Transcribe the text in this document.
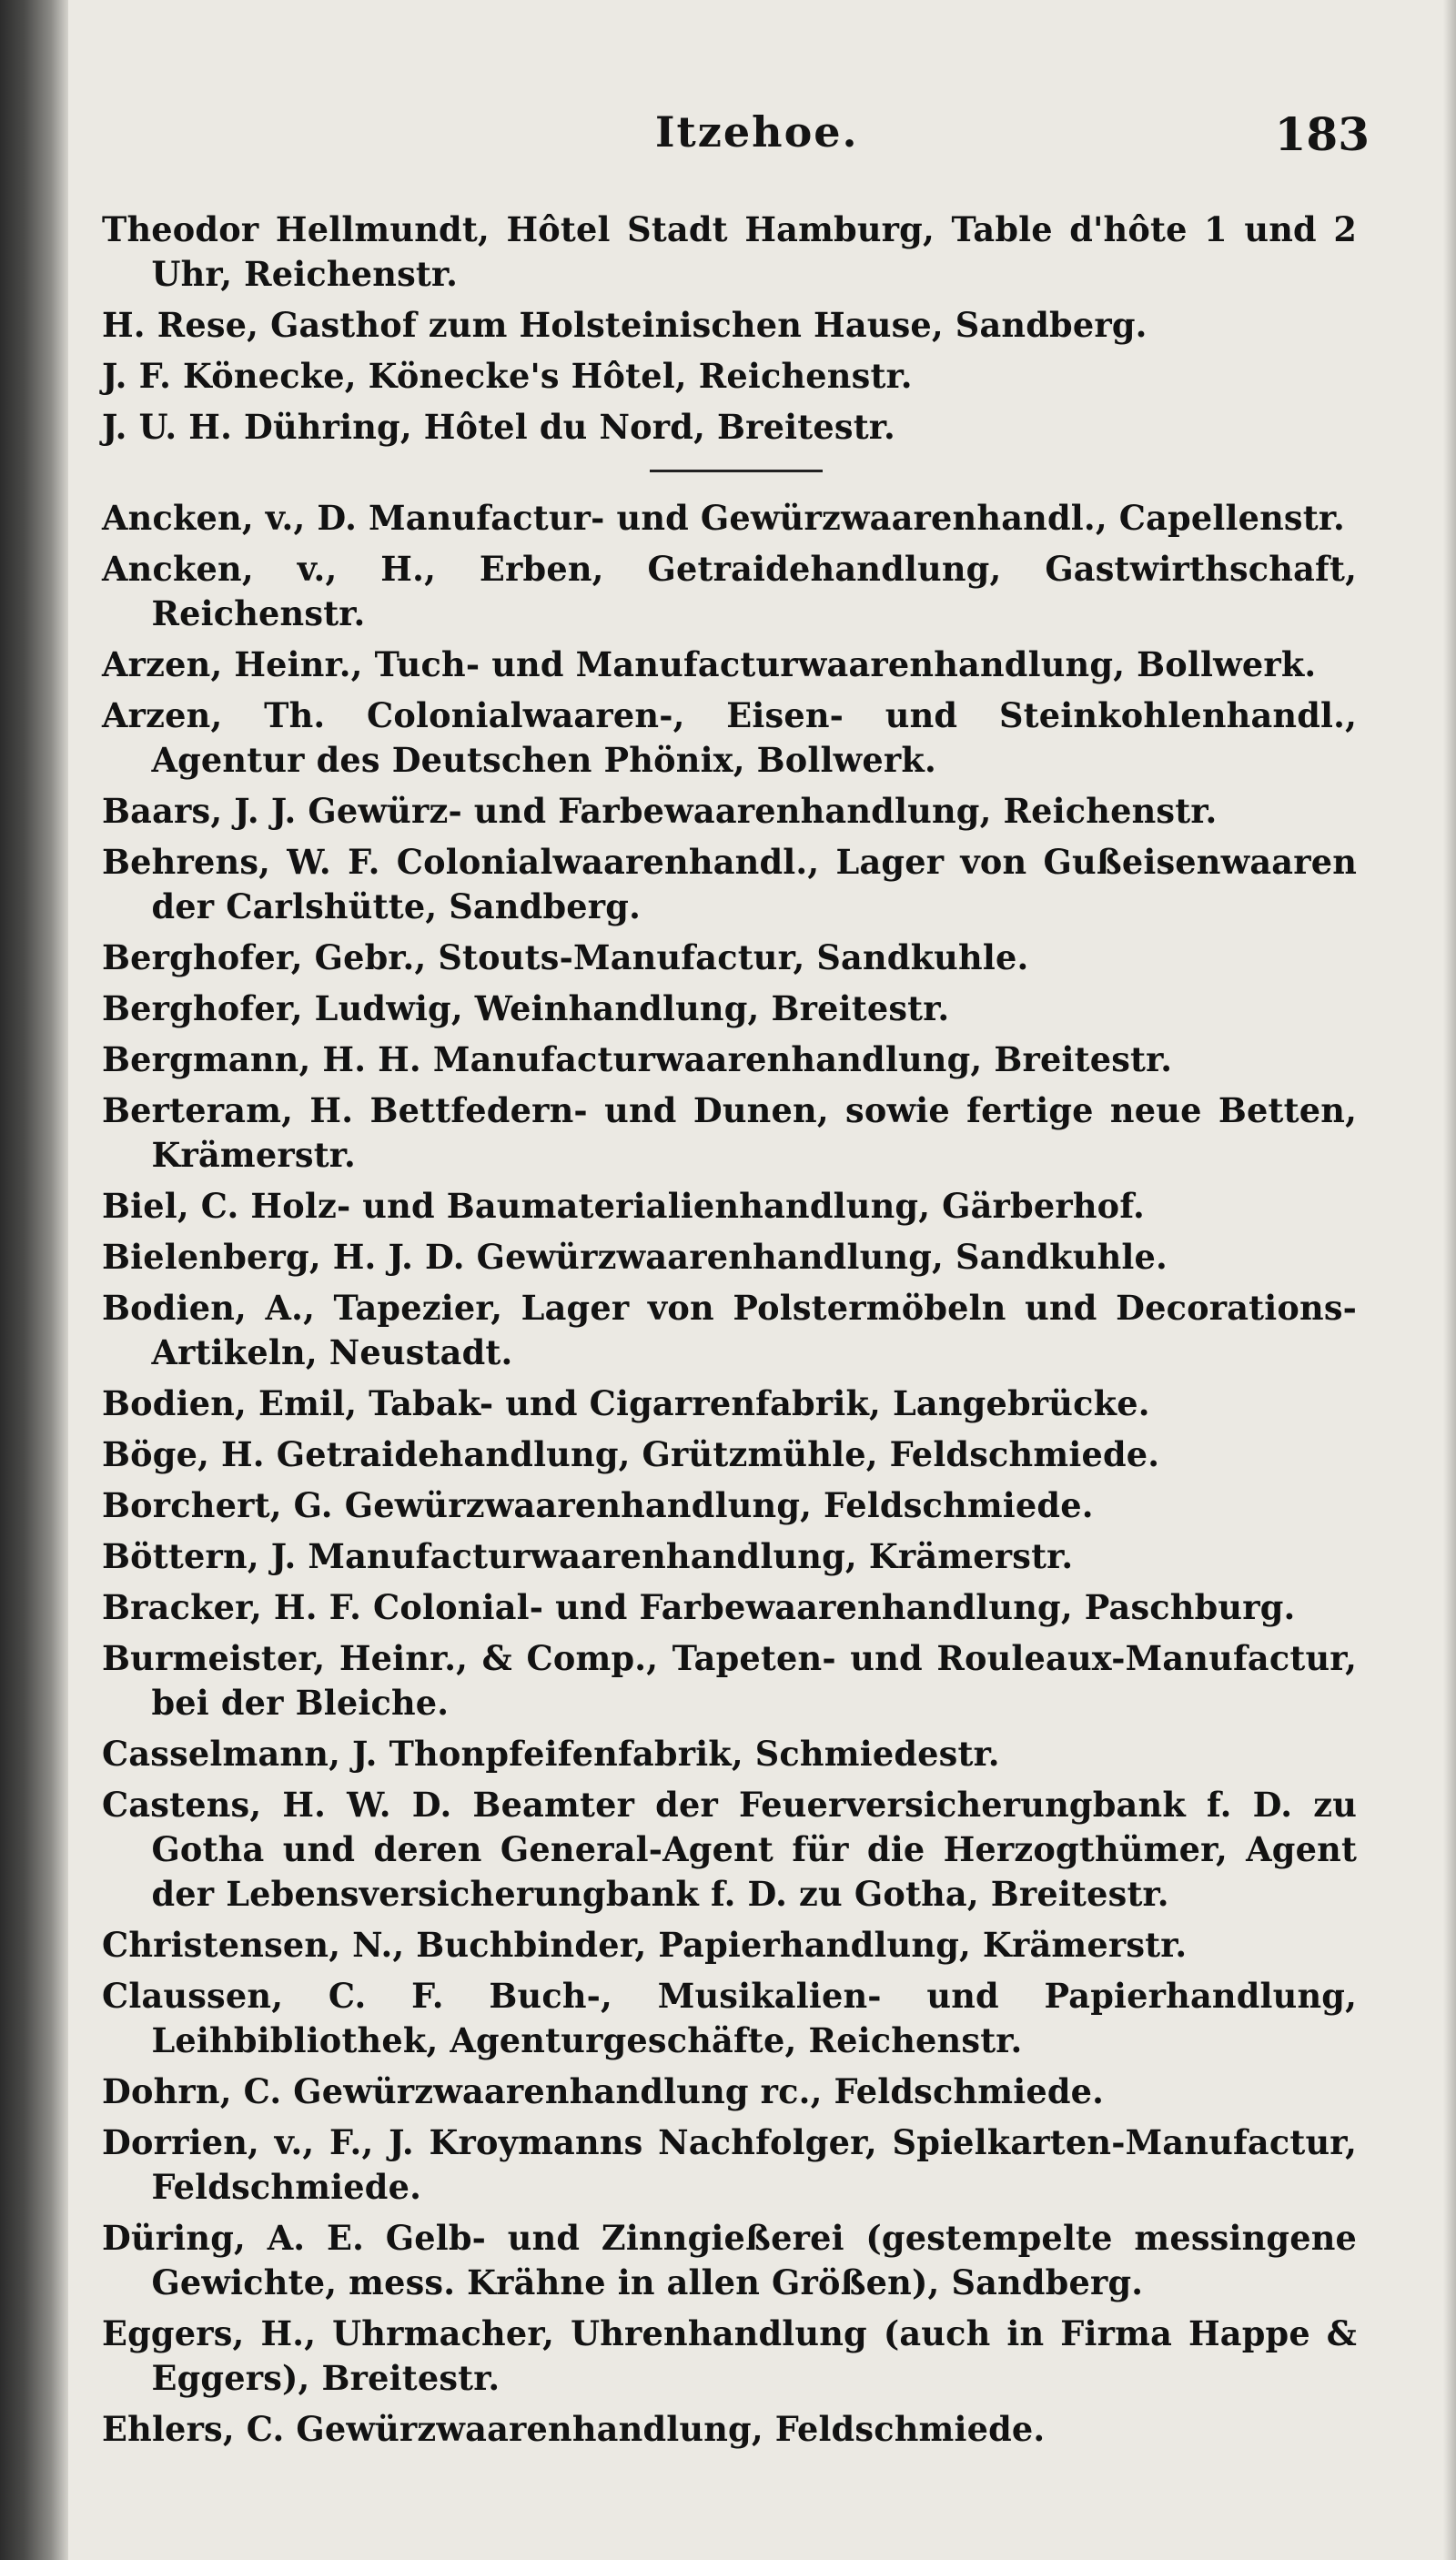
Itzehoe.	183

Theodor Hellmundt, Hôtel Stadt Hamburg, Table d'hôte 1 und 2 Uhr, Reichenstr.

H. Rese, Gasthof zum Holsteinischen Hause, Sandberg.

J. F. Könecke, Könecke's Hôtel, Reichenstr.

J. U. H. Dühring, Hôtel du Nord, Breitestr.

Ancken, v., D. Manufactur- und Gewürzwaarenhandl., Capellenstr.

Ancken, v., H., Erben, Getraidehandlung, Gastwirthschaft, Reichenstr.

Arzen, Heinr., Tuch- und Manufacturwaarenhandlung, Bollwerk.

Arzen, Th. Colonialwaaren-, Eisen- und Steinkohlenhandl., Agentur des Deutschen Phönix, Bollwerk.

Baars, J. J. Gewürz- und Farbewaarenhandlung, Reichenstr.

Behrens, W. F. Colonialwaarenhandl., Lager von Gußeisenwaaren der Carlshütte, Sandberg.

Berghofer, Gebr., Stouts-Manufactur, Sandkuhle.

Berghofer, Ludwig, Weinhandlung, Breitestr.

Bergmann, H. H. Manufacturwaarenhandlung, Breitestr.

Berteram, H. Bettfedern- und Dunen, sowie fertige neue Betten, Krämerstr.

Biel, C. Holz- und Baumaterialienhandlung, Gärberhof.

Bielenberg, H. J. D. Gewürzwaarenhandlung, Sandkuhle.

Bodien, A., Tapezier, Lager von Polstermöbeln und Decorations-Artikeln, Neustadt.

Bodien, Emil, Tabak- und Cigarrenfabrik, Langebrücke.

Böge, H. Getraidehandlung, Grützmühle, Feldschmiede.

Borchert, G. Gewürzwaarenhandlung, Feldschmiede.

Böttern, J. Manufacturwaarenhandlung, Krämerstr.

Bracker, H. F. Colonial- und Farbewaarenhandlung, Paschburg.

Burmeister, Heinr., & Comp., Tapeten- und Rouleaux-Manufactur, bei der Bleiche.

Casselmann, J. Thonpfeifenfabrik, Schmiedestr.

Castens, H. W. D. Beamter der Feuerversicherungbank f. D. zu Gotha und deren General-Agent für die Herzogthümer, Agent der Lebensversicherungbank f. D. zu Gotha, Breitestr.

Christensen, N., Buchbinder, Papierhandlung, Krämerstr.

Claussen, C. F. Buch-, Musikalien- und Papierhandlung, Leihbibliothek, Agenturgeschäfte, Reichenstr.

Dohrn, C. Gewürzwaarenhandlung rc., Feldschmiede.

Dorrien, v., F., J. Kroymanns Nachfolger, Spielkarten-Manufactur, Feldschmiede.

Düring, A. E. Gelb- und Zinngießerei (gestempelte messingene Gewichte, mess. Krähne in allen Größen), Sandberg.

Eggers, H., Uhrmacher, Uhrenhandlung (auch in Firma Happe & Eggers), Breitestr.

Ehlers, C. Gewürzwaarenhandlung, Feldschmiede.
